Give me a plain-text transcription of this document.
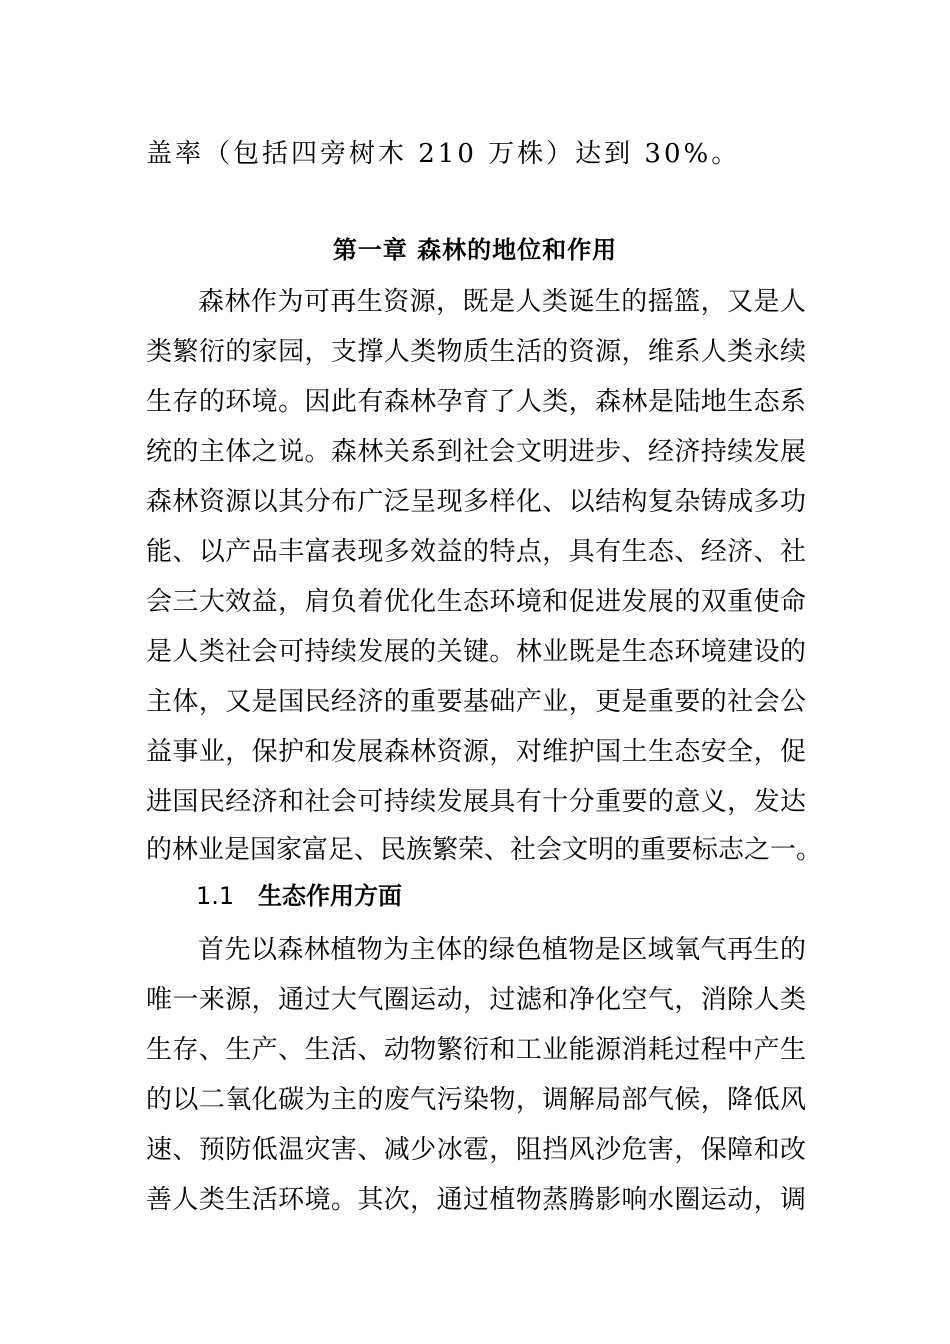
盖率（包括四旁树木 210 万株）达到 30%。
第一章 森林的地位和作用
森林作为可再生资源，既是人类诞生的摇篮，又是人
类繁衍的家园，支撑人类物质生活的资源，维系人类永续
生存的环境。因此有森林孕育了人类，森林是陆地生态系
统的主体之说。森林关系到社会文明进步、经济持续发展
森林资源以其分布广泛呈现多样化、以结构复杂铸成多功
能、以产品丰富表现多效益的特点，具有生态、经济、社
会三大效益，肩负着优化生态环境和促进发展的双重使命
是人类社会可持续发展的关键。林业既是生态环境建设的
主体，又是国民经济的重要基础产业，更是重要的社会公
益事业，保护和发展森林资源，对维护国土生态安全，促
进国民经济和社会可持续发展具有十分重要的意义，发达
的林业是国家富足、民族繁荣、社会文明的重要标志之一。
1.1 生态作用方面
首先以森林植物为主体的绿色植物是区域氧气再生的
唯一来源，通过大气圈运动，过滤和净化空气，消除人类
生存、生产、生活、动物繁衍和工业能源消耗过程中产生
的以二氧化碳为主的废气污染物，调解局部气候，降低风
速、预防低温灾害、减少冰雹，阻挡风沙危害，保障和改
善人类生活环境。其次，通过植物蒸腾影响水圈运动，调
